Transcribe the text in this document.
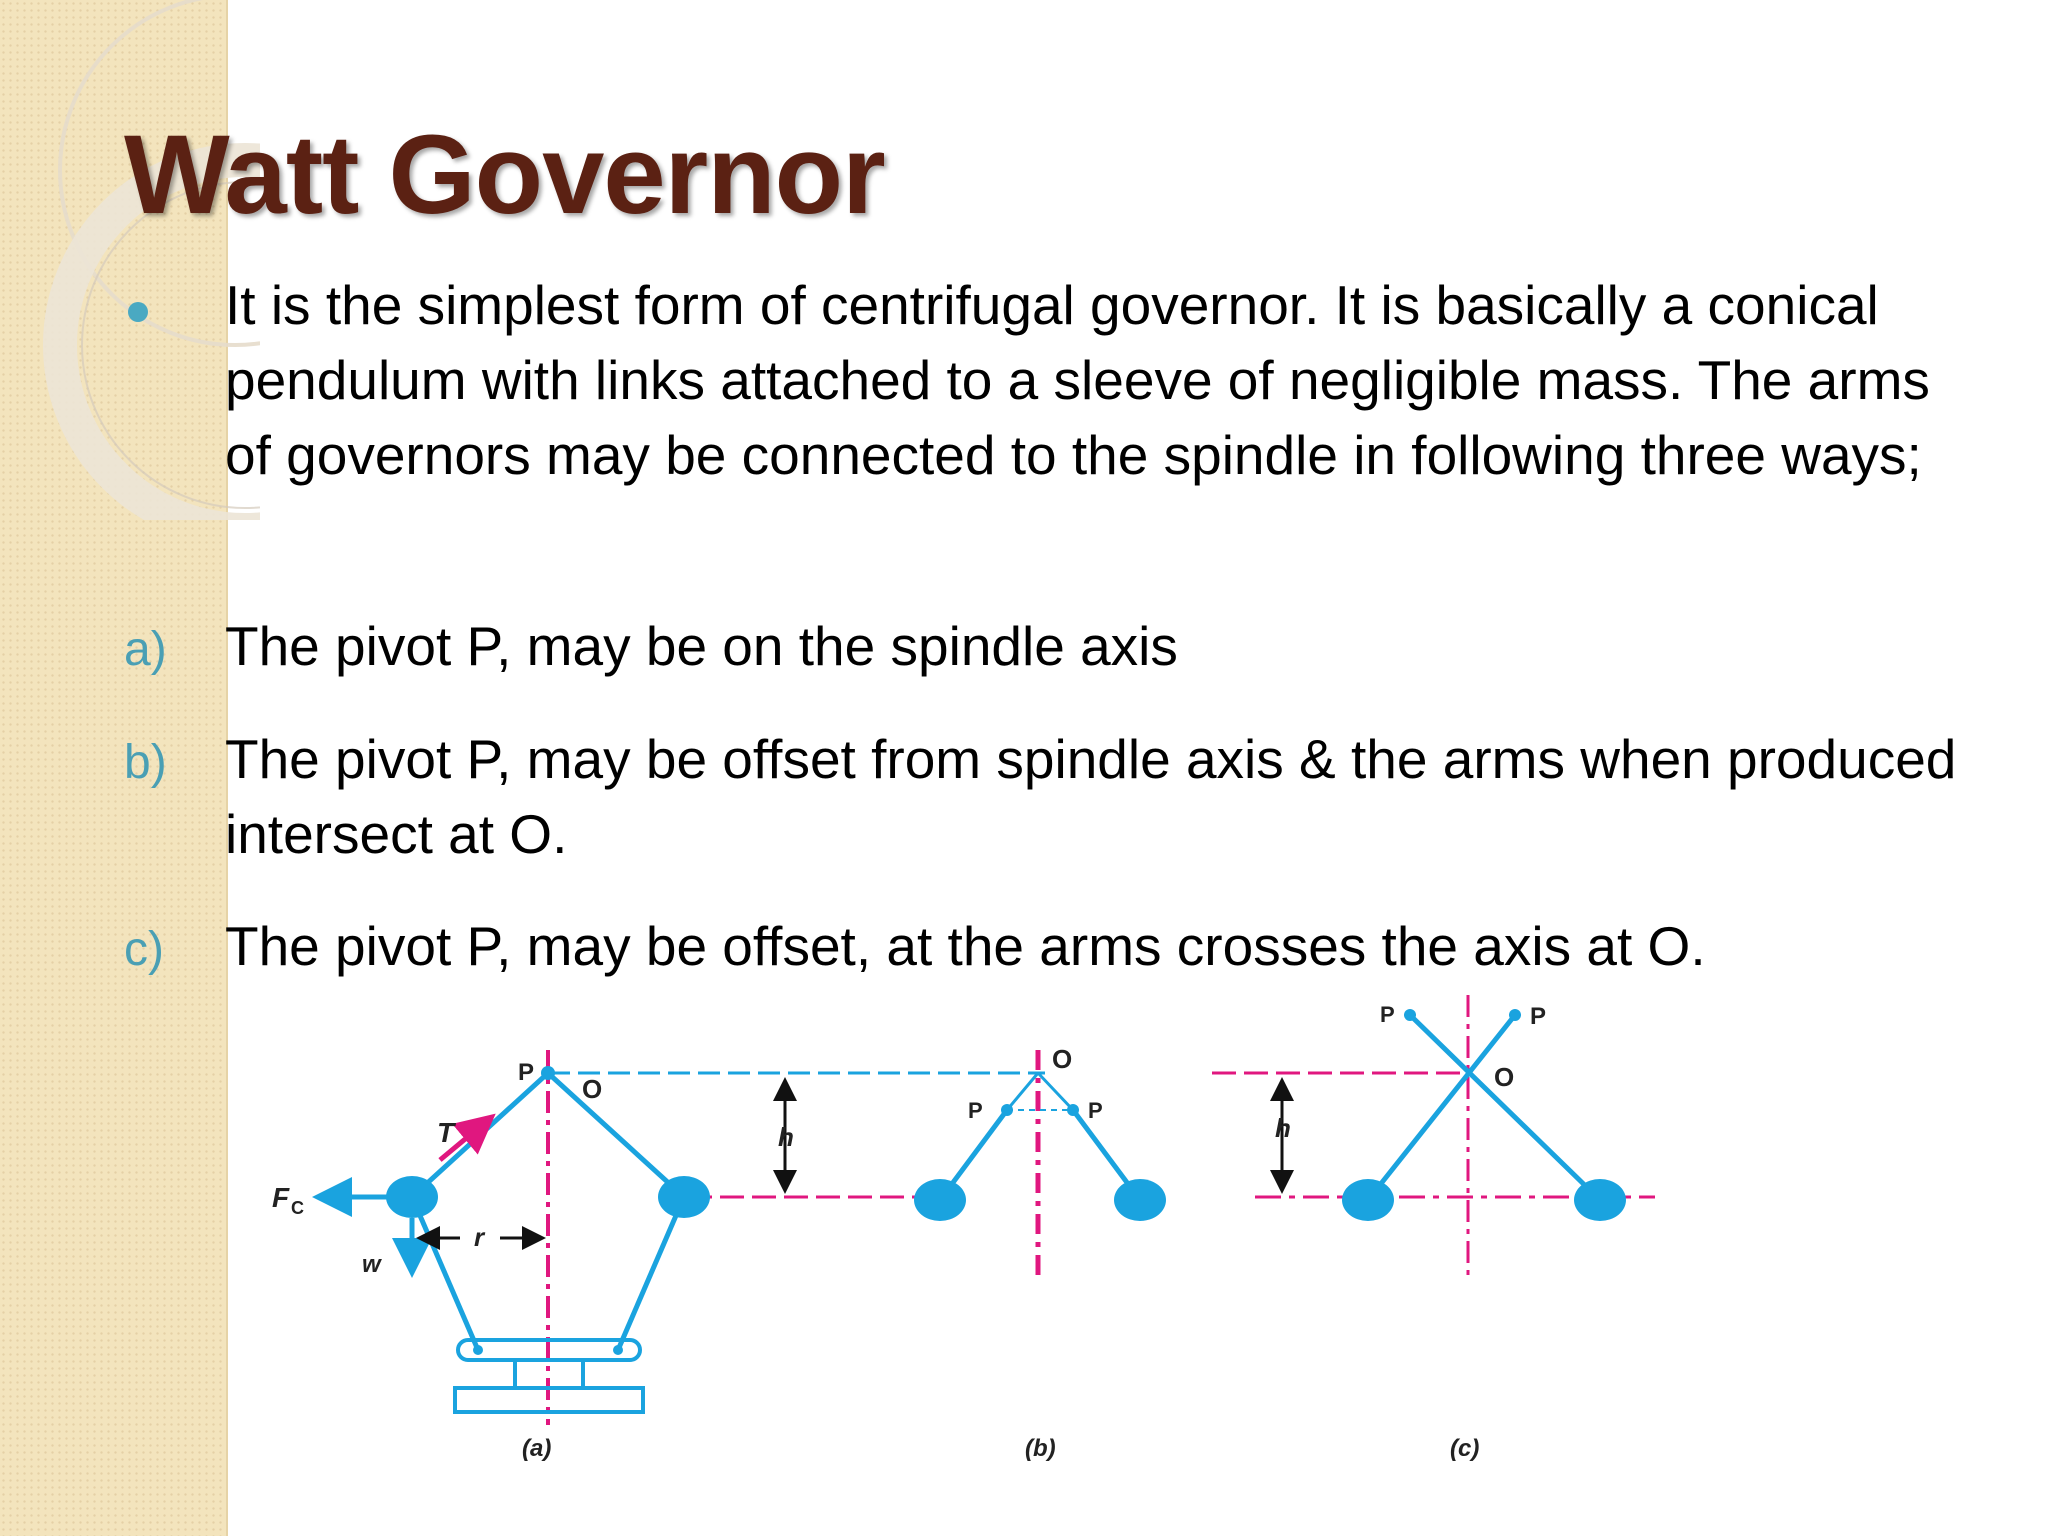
Watt Governor
It is the simplest form of centrifugal governor. It is basically a conical pendulum with links attached to a sleeve of negligible mass. The arms of governors may be connected to the spindle in following three ways;
a) The pivot P, may be on the spindle axis
b) The pivot P, may be offset from spindle axis & the arms when produced intersect at O.
c) The pivot P, may be offset, at the arms crosses the axis at O.
P
O
T
F C
w
r
(a)
h
O
P	P
(b)
h
P	P
O
(c)
